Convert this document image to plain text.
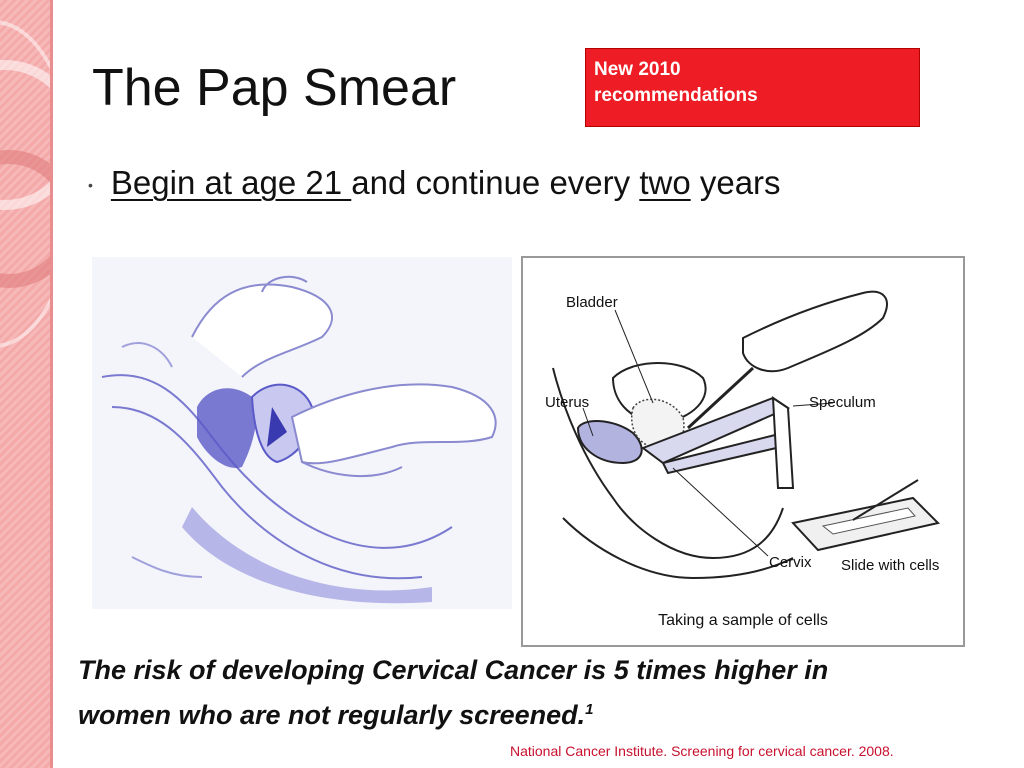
The Pap Smear	New 2010
recommendations
• Begin at age 21 and continue every two years
Bladder
Uterus	Speculum
Cervix Slide with cells
Taking a sample of cells
The risk of developing Cervical Cancer is 5 times higher in women who are not regularly screened.$^1$
National Cancer Institute. Screening for cervical cancer. 2008.
